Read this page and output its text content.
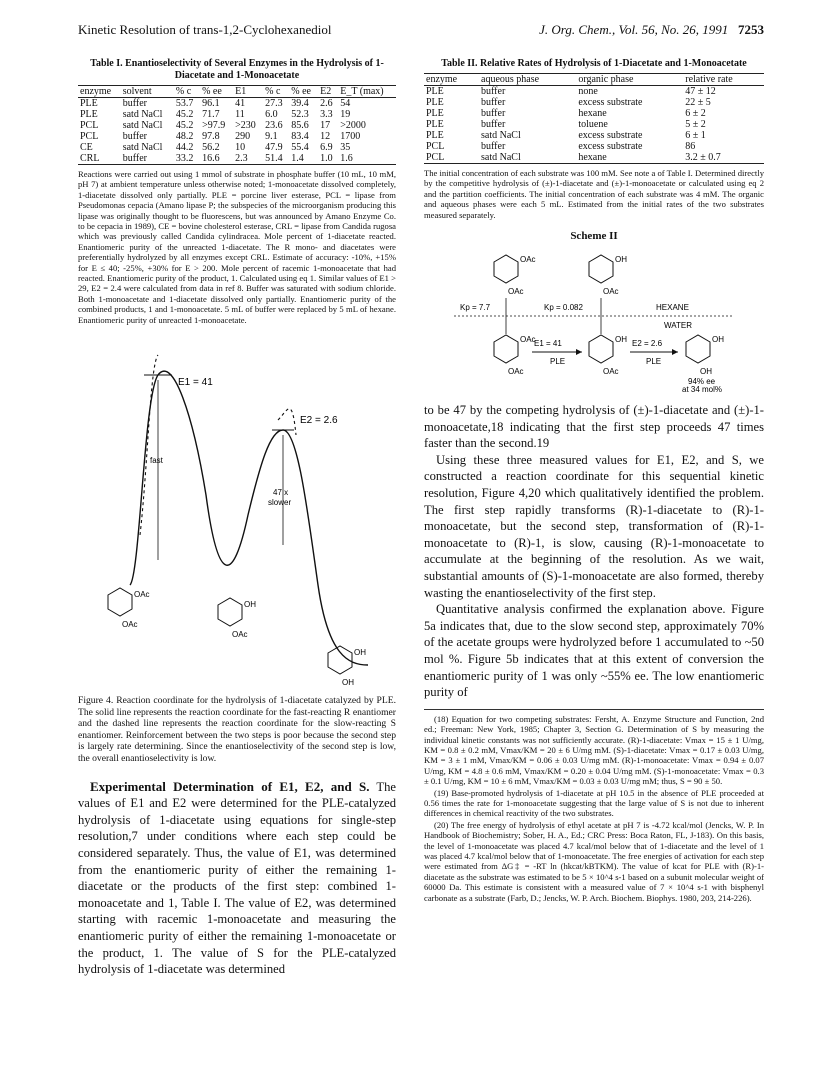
Kinetic Resolution of trans-1,2-Cyclohexanediol	J. Org. Chem., Vol. 56, No. 26, 1991 7253
Table I. Enantioselectivity of Several Enzymes in the Hydrolysis of 1-Diacetate and 1-Monoacetate
enzyme	solvent	% c	% ee	E1	% c	% ee	E2	E_T (max)
PLE	buffer	53.7	96.1	41	27.3	39.4	2.6	54
PLE	satd NaCl	45.2	71.7	11	6.0	52.3	3.3	19
PCL	satd NaCl	45.2	>97.9	>230	23.6	85.6	17	>2000
PCL	buffer	48.2	97.8	290	9.1	83.4	12	1700
CE	satd NaCl	44.2	56.2	10	47.9	55.4	6.9	35
CRL	buffer	33.2	16.6	2.3	51.4	1.4	1.0	1.6
Reactions were carried out using 1 mmol of substrate in phosphate buffer (10 mL, 10 mM, pH 7) at ambient temperature unless otherwise noted; 1-monoacetate dissolved completely, 1-diacetate dissolved only partially. PLE = porcine liver esterase, PCL = lipase from Pseudomonas cepacia (Amano lipase P; the subspecies of the microorganism producing this lipase was originally thought to be fluorescens, but was announced by Amano Enzyme Co. to be cepacia in 1989), CE = bovine cholesterol esterase, CRL = lipase from Candida rugosa which was previously called Candida cylindracea. Mole percent of 1-diacetate reacted. Enantiomeric purity of the unreacted 1-diacetate. The R mono- and diacetates were preferentially hydrolyzed by all enzymes except CRL. Estimate of accuracy: -10%, +15% for E ≤ 40; -25%, +30% for E > 200. Mole percent of racemic 1-monoacetate that had reacted. Enantiomeric purity of the product, 1. Calculated using eq 1. Similar values of E1 > 29, E2 = 2.4 were calculated from data in ref 8. Buffer was saturated with sodium chloride. Both 1-monoacetate and 1-diacetate dissolved only partially. Enantiomeric purity of the combined products, 1 and 1-monoacetate. 5 mL of buffer were replaced by 5 mL of hexane. Enantiomeric purity of unreacted 1-monoacetate.
E1 = 41
E2 = 2.6
fast
47 x
slower
OAc
OAc
OH
OAc
OH
OH
Figure 4. Reaction coordinate for the hydrolysis of 1-diacetate catalyzed by PLE. The solid line represents the reaction coordinate for the fast-reacting R enantiomer and the dashed line represents the reaction coordinate for the slow-reacting S enantiomer. Reinforcement between the two steps is poor because the second step is largely rate determining. Since the enantioselectivity of the second step is low, the overall enantioselectivity is low.

Experimental Determination of E1, E2, and S. The values of E1 and E2 were determined for the PLE-catalyzed hydrolysis of 1-diacetate using equations for single-step resolution,7 under conditions where each step could be considered separately. Thus, the value of E1, was determined from the enantiomeric purity of either the remaining 1-diacetate or the products of the first step: combined 1-monoacetate and 1, Table I. The value of E2, was determined starting with racemic 1-monoacetate and measuring the enantiomeric purity of either the remaining 1-monoacetate or the product, 1. The value of S for the PLE-catalyzed hydrolysis of 1-diacetate was determined

Table II. Relative Rates of Hydrolysis of 1-Diacetate and 1-Monoacetate
enzyme	aqueous phase	organic phase	relative rate
PLE	buffer	none	47 ± 12
PLE	buffer	excess substrate	22 ± 5
PLE	buffer	hexane	6 ± 2
PLE	buffer	toluene	5 ± 2
PLE	satd NaCl	excess substrate	6 ± 1
PCL	buffer	excess substrate	86
PCL	satd NaCl	hexane	3.2 ± 0.7
The initial concentration of each substrate was 100 mM. See note a of Table I. Determined directly by the competitive hydrolysis of (±)-1-diacetate and (±)-1-monoacetate or calculated using eq 2 and the partition coefficients. The initial concentration of each substrate was 4 mM. The organic and aqueous phases were each 5 mL. Estimated from the initial rates of the two substrates measured separately.
Scheme II
OAc
OAc
OH
OAc
Kp = 7.7	Kp = 0.082	HEXANE
WATER
OAc
OAc
E1 = 41
PLE
OH
OAc
E2 = 2.6
PLE
OH
OH
94% ee
at 34 mol%

to be 47 by the competing hydrolysis of (±)-1-diacetate and (±)-1-monoacetate,18 indicating that the first step proceeds 47 times faster than the second.19

Using these three measured values for E1, E2, and S, we constructed a reaction coordinate for this sequential kinetic resolution, Figure 4,20 which qualitatively identified the problem. The first step rapidly transforms (R)-1-diacetate to (R)-1-monoacetate, but the second step, transformation of (R)-1-monoacetate to (R)-1, is slow, causing (R)-1-monoacetate to accumulate at the beginning of the resolution. As we wait, substantial amounts of (S)-1-monoacetate are also formed, thereby wasting the enantioselectivity of the first step.

Quantitative analysis confirmed the explanation above. Figure 5a indicates that, due to the slow second step, approximately 70% of the acetate groups were hydrolyzed before 1 accumulated to ~50 mol %. Figure 5b indicates that at this extent of conversion the enantiomeric purity of 1 was only ~55% ee. The low enantiomeric purity of

(18) Equation for two competing substrates: Fersht, A. Enzyme Structure and Function, 2nd ed.; Freeman: New York, 1985; Chapter 3, Section G. Determination of S by measuring the individual kinetic constants was not sufficiently accurate. (R)-1-diacetate: Vmax = 15 ± 1 U/mg, KM = 0.8 ± 0.2 mM, Vmax/KM = 20 ± 6 U/mg mM. (S)-1-diacetate: Vmax = 0.17 ± 0.03 U/mg, KM = 3 ± 1 mM, Vmax/KM = 0.06 ± 0.03 U/mg mM. (R)-1-monoacetate: Vmax = 0.94 ± 0.07 U/mg, KM = 4.8 ± 0.6 mM, Vmax/KM = 0.20 ± 0.04 U/mg mM. (S)-1-monoacetate: Vmax = 0.3 ± 0.1 U/mg, KM = 10 ± 6 mM, Vmax/KM = 0.03 ± 0.03 U/mg mM; thus, S = 90 ± 50.

(19) Base-promoted hydrolysis of 1-diacetate at pH 10.5 in the absence of PLE proceeded at 0.56 times the rate for 1-monoacetate suggesting that the large value of S is not due to inherent differences in chemical reactivity of the two substrates.

(20) The free energy of hydrolysis of ethyl acetate at pH 7 is -4.72 kcal/mol (Jencks, W. P. In Handbook of Biochemistry; Sober, H. A., Ed.; CRC Press: Boca Raton, FL, J-183). On this basis, the level of 1-monoacetate was placed 4.7 kcal/mol below that of 1-diacetate and the level of 1 was placed 4.7 kcal/mol below that of 1-monoacetate. The free energies of activation for each step were estimated from ΔG‡ = -RT ln (hkcat/kBTKM). The value of kcat for PLE with (R)-1-diacetate as the substrate was estimated to be 5 × 10^4 s-1 based on a subunit molecular weight of 60000 Da. This estimate is consistent with a measured value of 7 × 10^4 s-1 with bisphenyl carbonate as a substrate (Farb, D.; Jencks, W. P. Arch. Biochem. Biophys. 1980, 203, 214-226).
